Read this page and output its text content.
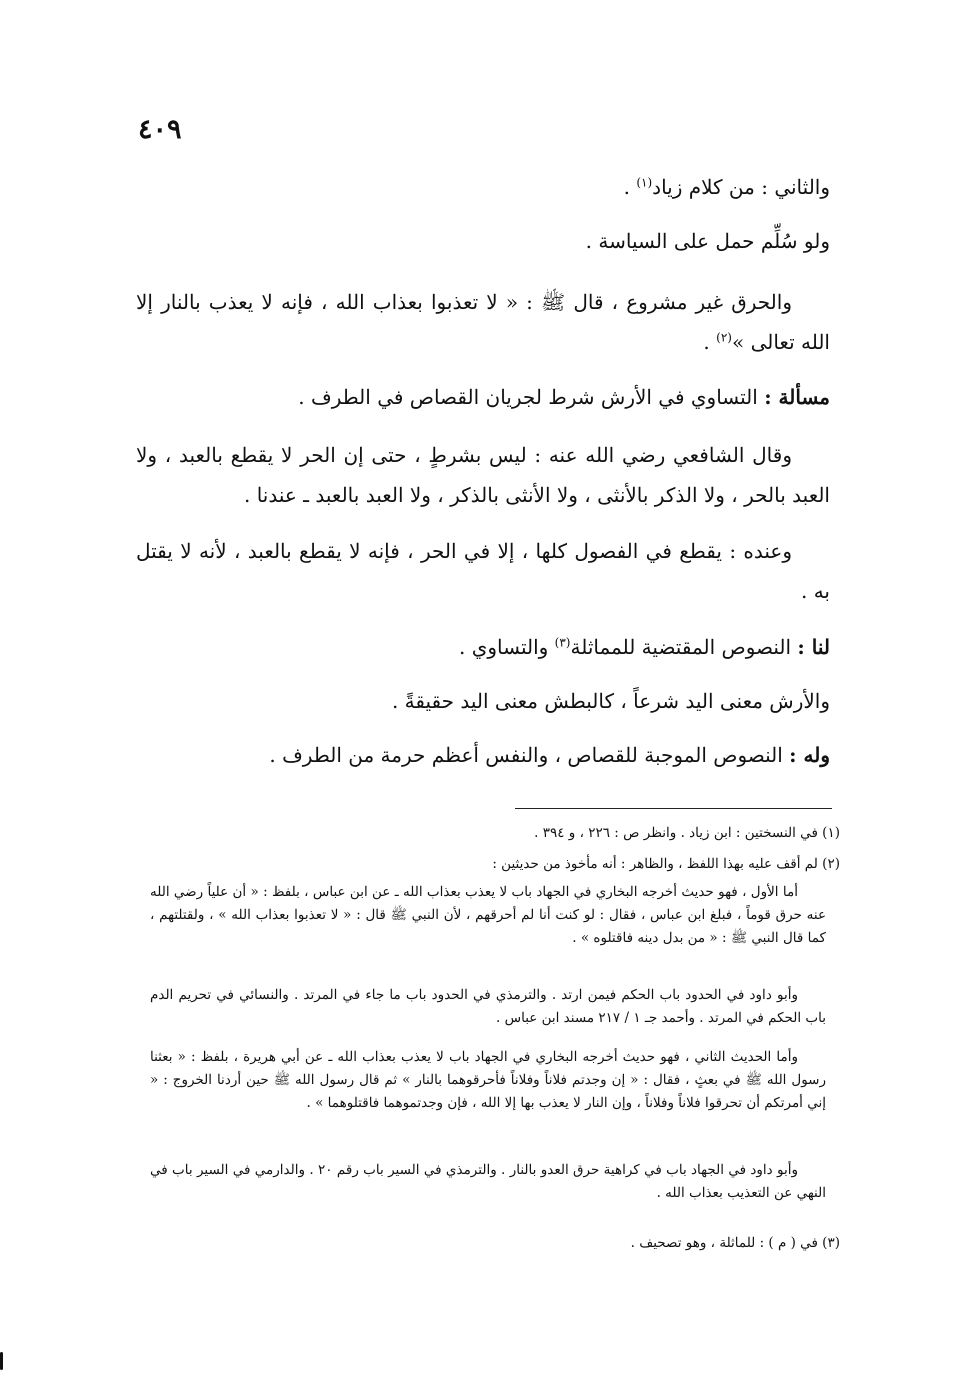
٤٠٩

والثاني : من كلام زياد$^{(١)}$ .

ولو سُلِّم حمل على السياسة .

والحرق غير مشروع ، قال ﷺ : « لا تعذبوا بعذاب الله ، فإنه لا يعذب بالنار إلا الله تعالى »$^{(٢)}$ .

مسألة : التساوي في الأرش شرط لجريان القصاص في الطرف .

وقال الشافعي رضي الله عنه : ليس بشرطٍ ، حتى إن الحر لا يقطع بالعبد ، ولا العبد بالحر ، ولا الذكر بالأنثى ، ولا الأنثى بالذكر ، ولا العبد بالعبد ـ عندنا .

وعنده : يقطع في الفصول كلها ، إلا في الحر ، فإنه لا يقطع بالعبد ، لأنه لا يقتل به .

لنا : النصوص المقتضية للمماثلة$^{(٣)}$ والتساوي .

والأرش معنى اليد شرعاً ، كالبطش معنى اليد حقيقةً .

وله : النصوص الموجبة للقصاص ، والنفس أعظم حرمة من الطرف .

(١) في النسختين : ابن زياد . وانظر ص : ٢٢٦ ، و ٣٩٤ .

(٢) لم أقف عليه بهذا اللفظ ، والظاهر : أنه مأخوذ من حديثين :

أما الأول ، فهو حديث أخرجه البخاري في الجهاد باب لا يعذب بعذاب الله ـ عن ابن عباس ، بلفظ : « أن علياً رضي الله عنه حرق قوماً ، فبلغ ابن عباس ، فقال : لو كنت أنا لم أحرقهم ، لأن النبي ﷺ قال : « لا تعذبوا بعذاب الله » ، ولقتلتهم ، كما قال النبي ﷺ : « من بدل دينه فاقتلوه » .

وأبو داود في الحدود باب الحكم فيمن ارتد . والترمذي في الحدود باب ما جاء في المرتد . والنسائي في تحريم الدم باب الحكم في المرتد . وأحمد جـ ١ / ٢١٧ مسند ابن عباس .

وأما الحديث الثاني ، فهو حديث أخرجه البخاري في الجهاد باب لا يعذب بعذاب الله ـ عن أبي هريرة ، بلفظ : « بعثنا رسول الله ﷺ في بعثٍ ، فقال : « إن وجدتم فلاناً وفلاناً فأحرقوهما بالنار » ثم قال رسول الله ﷺ حين أردنا الخروج : « إني أمرتكم أن تحرقوا فلاناً وفلاناً ، وإن النار لا يعذب بها إلا الله ، فإن وجدتموهما فاقتلوهما » .

وأبو داود في الجهاد باب في كراهية حرق العدو بالنار . والترمذي في السير باب رقم ٢٠ . والدارمي في السير باب في النهي عن التعذيب بعذاب الله .

(٣) في ( م ) : للماثلة ، وهو تصحيف .
